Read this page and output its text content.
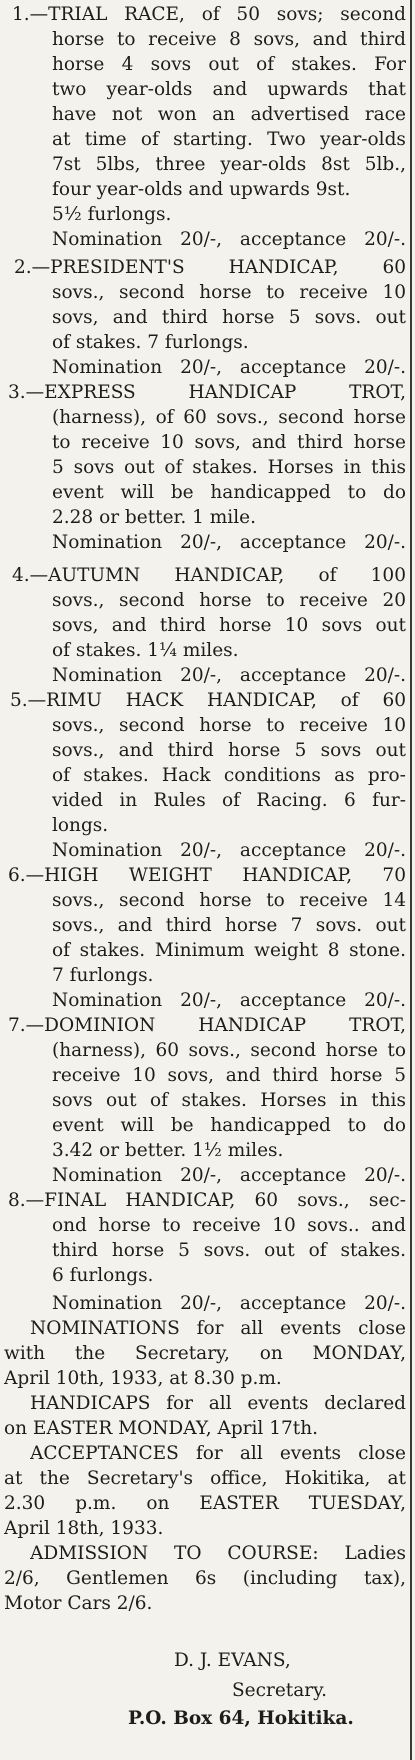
1.—TRIAL RACE, of 50 sovs; second
horse to receive 8 sovs, and third
horse 4 sovs out of stakes. For
two year-olds and upwards that
have not won an advertised race
at time of starting. Two year-olds
7st 5lbs, three year-olds 8st 5lb.,
four year-olds and upwards 9st.
5½ furlongs.
Nomination 20/-, acceptance 20/-.
2.—PRESIDENT'S HANDICAP, 60
sovs., second horse to receive 10
sovs, and third horse 5 sovs. out
of stakes. 7 furlongs.
Nomination 20/-, acceptance 20/-.
3.—EXPRESS	HANDICAP	TROT,
(harness), of 60 sovs., second horse
to receive 10 sovs, and third horse
5 sovs out of stakes. Horses in this
event will be handicapped to do
2.28 or better. 1 mile.
Nomination 20/-, acceptance 20/-.
4.—AUTUMN HANDICAP, of 100
sovs., second horse to receive 20
sovs, and third horse 10 sovs out
of stakes. 1¼ miles.
Nomination 20/-, acceptance 20/-.
5.—RIMU HACK HANDICAP, of 60
sovs., second horse to receive 10
sovs., and third horse 5 sovs out
of stakes. Hack conditions as pro-
vided in Rules of Racing. 6 fur-
longs.
Nomination 20/-, acceptance 20/-.
6.—HIGH WEIGHT HANDICAP, 70
sovs., second horse to receive 14
sovs., and third horse 7 sovs. out
of stakes. Minimum weight 8 stone.
7 furlongs.
Nomination 20/-, acceptance 20/-.
7.—DOMINION HANDICAP TROT,
(harness), 60 sovs., second horse to
receive 10 sovs, and third horse 5
sovs out of stakes. Horses in this
event will be handicapped to do
3.42 or better. 1½ miles.
Nomination 20/-, acceptance 20/-.
8.—FINAL HANDICAP, 60 sovs., sec-
ond horse to receive 10 sovs.. and
third horse 5 sovs. out of stakes.
6 furlongs.
Nomination 20/-, acceptance 20/-.
NOMINATIONS for all events close
with the Secretary, on MONDAY,
April 10th, 1933, at 8.30 p.m.
HANDICAPS for all events declared
on EASTER MONDAY, April 17th.
ACCEPTANCES for all events close
at the Secretary's office, Hokitika, at
2.30 p.m. on EASTER TUESDAY,
April 18th, 1933.
ADMISSION TO COURSE: Ladies
2/6, Gentlemen 6s (including tax),
Motor Cars 2/6.
D. J. EVANS,
Secretary.
P.O. Box 64, Hokitika.
